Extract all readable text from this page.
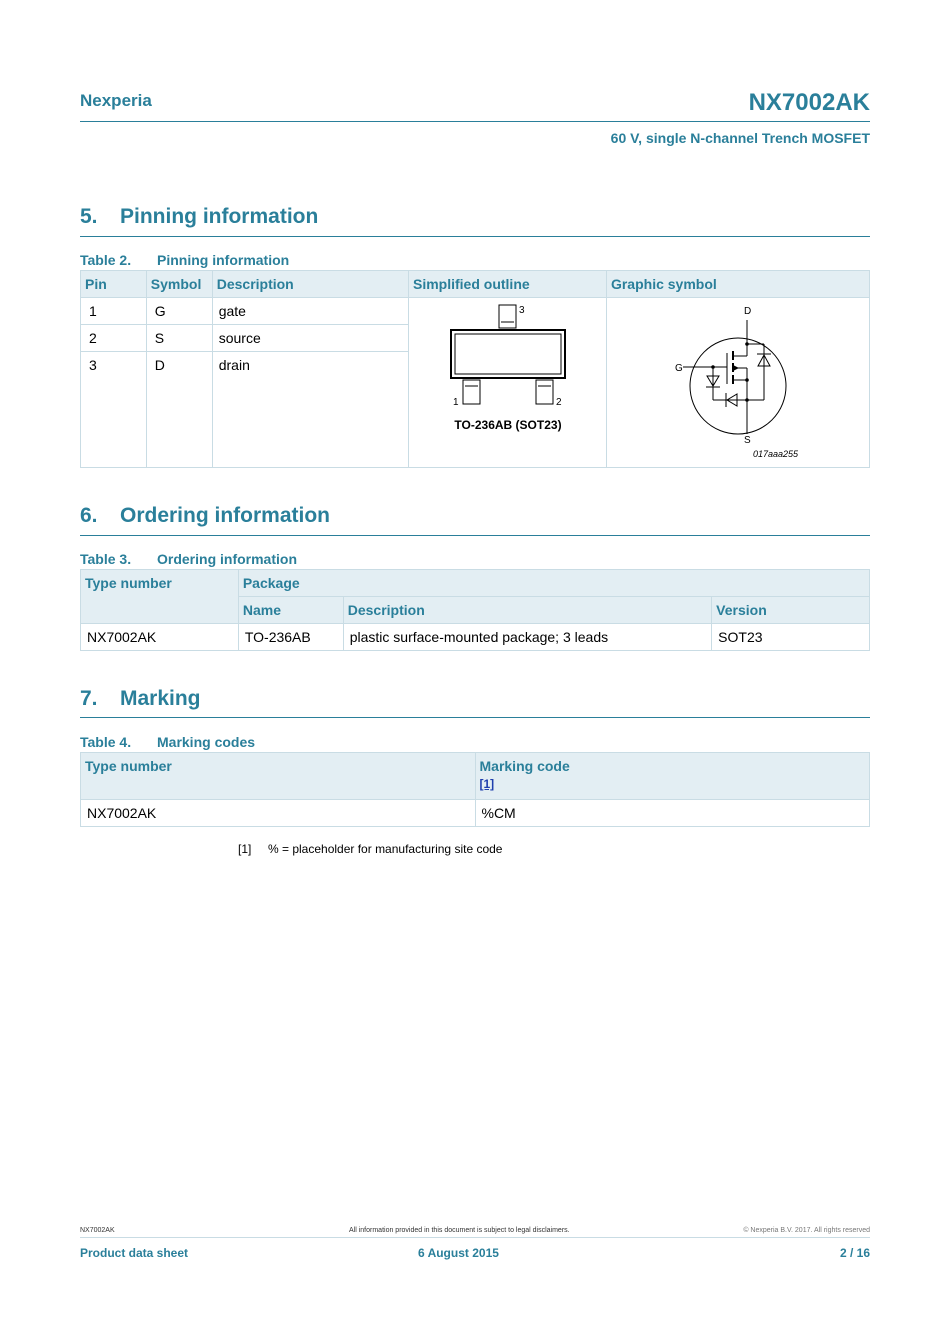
Nexperia	NX7002AK
60 V, single N-channel Trench MOSFET
5. Pinning information
Table 2. Pinning information
Pin	Symbol	Description	Simplified outline	Graphic symbol
1	G	gate	3
1 2
TO-236AB (SOT23)	D
G
S
017aaa255

2	S	source		
3	D	drain		
6. Ordering information
Table 3. Ordering information
Type number	Package		
	Name	Description	Version
NX7002AK	TO-236AB	plastic surface-mounted package; 3 leads	SOT23
7. Marking
Table 4. Marking codes
Type number	Marking code
[1]

NX7002AK	%CM
[1] % = placeholder for manufacturing site code
NX7002AK	All information provided in this document is subject to legal disclaimers.	© Nexperia B.V. 2017. All rights reserved
Product data sheet	6 August 2015	2 / 16
